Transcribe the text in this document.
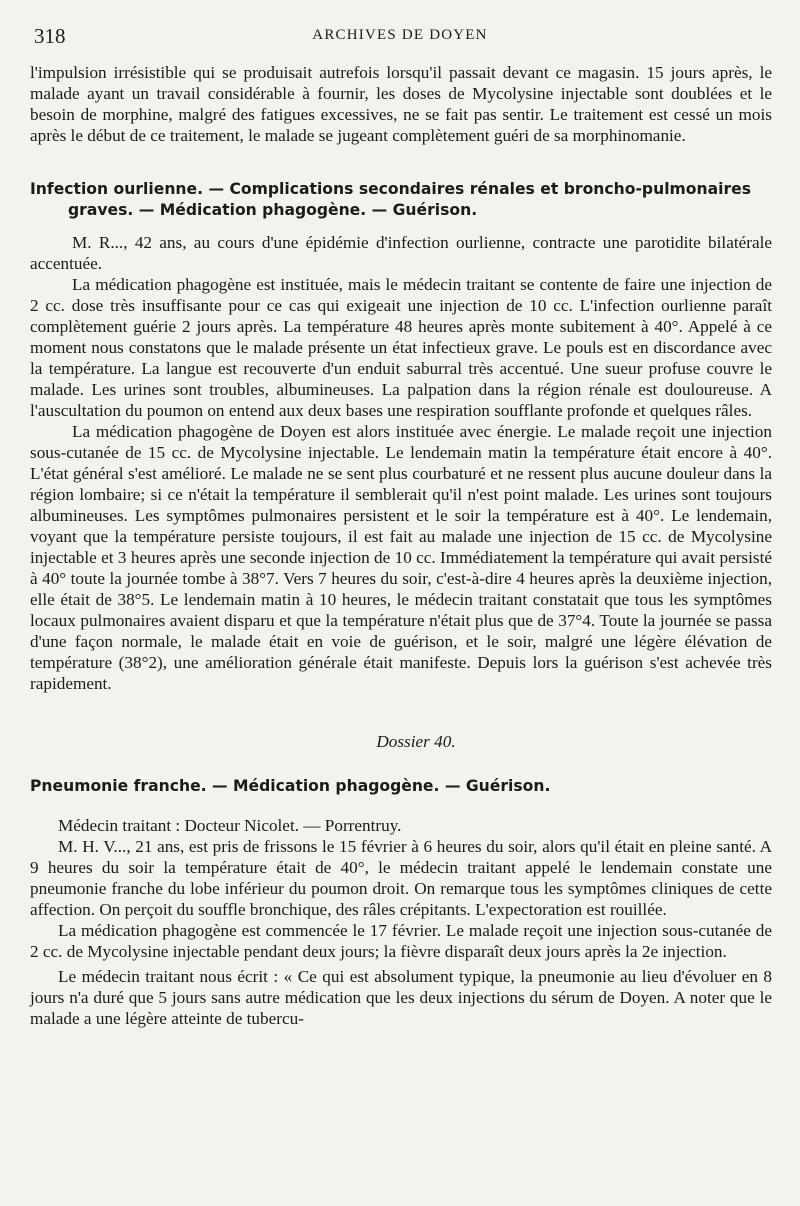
318	ARCHIVES DE DOYEN

l'impulsion irrésistible qui se produisait autrefois lorsqu'il passait devant ce magasin. 15 jours après, le malade ayant un travail considérable à fournir, les doses de Mycolysine injectable sont doublées et le besoin de morphine, malgré des fatigues excessives, ne se fait pas sentir. Le traitement est cessé un mois après le début de ce traitement, le malade se jugeant complètement guéri de sa morphinomanie.

Infection ourlienne. — Complications secondaires rénales et broncho-pulmonaires
graves. — Médication phagogène. — Guérison.

M. R..., 42 ans, au cours d'une épidémie d'infection ourlienne, contracte une parotidite bilatérale accentuée.

La médication phagogène est instituée, mais le médecin traitant se contente de faire une injection de 2 cc. dose très insuffisante pour ce cas qui exigeait une injection de 10 cc. L'infection ourlienne paraît complètement guérie 2 jours après. La température 48 heures après monte subitement à 40°. Appelé à ce moment nous constatons que le malade présente un état infectieux grave. Le pouls est en discordance avec la température. La langue est recouverte d'un enduit saburral très accentué. Une sueur profuse couvre le malade. Les urines sont troubles, albumineuses. La palpation dans la région rénale est douloureuse. A l'auscultation du poumon on entend aux deux bases une respiration soufflante profonde et quelques râles.

La médication phagogène de Doyen est alors instituée avec énergie. Le malade reçoit une injection sous-cutanée de 15 cc. de Mycolysine injectable. Le lendemain matin la température était encore à 40°. L'état général s'est amélioré. Le malade ne se sent plus courbaturé et ne ressent plus aucune douleur dans la région lombaire; si ce n'était la température il semblerait qu'il n'est point malade. Les urines sont toujours albumineuses. Les symptômes pulmonaires persistent et le soir la température est à 40°. Le lendemain, voyant que la température persiste toujours, il est fait au malade une injection de 15 cc. de Mycolysine injectable et 3 heures après une seconde injection de 10 cc. Immédiatement la température qui avait persisté à 40° toute la journée tombe à 38°7. Vers 7 heures du soir, c'est-à-dire 4 heures après la deuxième injection, elle était de 38°5. Le lendemain matin à 10 heures, le médecin traitant constatait que tous les symptômes locaux pulmonaires avaient disparu et que la température n'était plus que de 37°4. Toute la journée se passa d'une façon normale, le malade était en voie de guérison, et le soir, malgré une légère élévation de température (38°2), une amélioration générale était manifeste. Depuis lors la guérison s'est achevée très rapidement.

Dossier 40.
Pneumonie franche. — Médication phagogène. — Guérison.

Médecin traitant : Docteur Nicolet. — Porrentruy.

M. H. V..., 21 ans, est pris de frissons le 15 février à 6 heures du soir, alors qu'il était en pleine santé. A 9 heures du soir la température était de 40°, le médecin traitant appelé le lendemain constate une pneumonie franche du lobe inférieur du poumon droit. On remarque tous les symptômes cliniques de cette affection. On perçoit du souffle bronchique, des râles crépitants. L'expectoration est rouillée.

La médication phagogène est commencée le 17 février. Le malade reçoit une injection sous-cutanée de 2 cc. de Mycolysine injectable pendant deux jours; la fièvre disparaît deux jours après la 2e injection.

Le médecin traitant nous écrit : « Ce qui est absolument typique, la pneumonie au lieu d'évoluer en 8 jours n'a duré que 5 jours sans autre médication que les deux injections du sérum de Doyen. A noter que le malade a une légère atteinte de tubercu-
